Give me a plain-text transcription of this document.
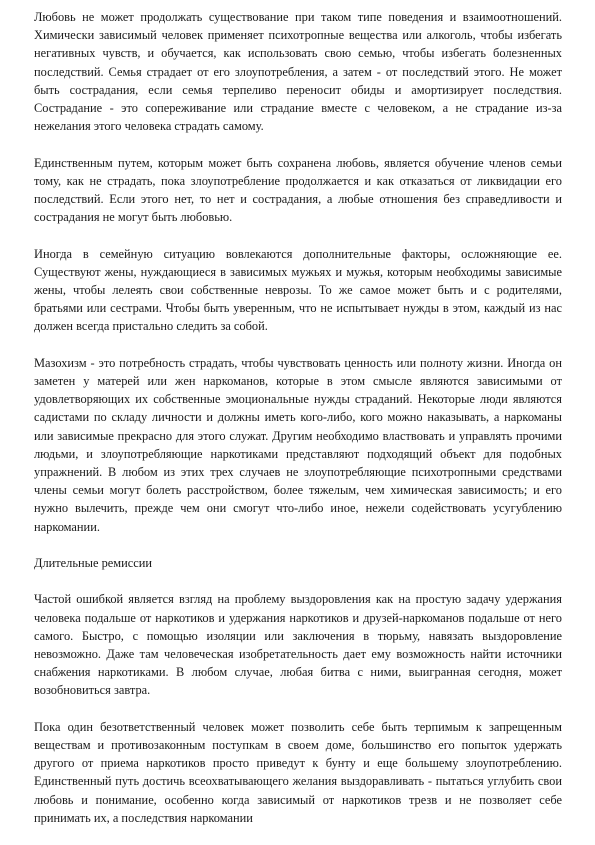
Любовь не может продолжать существование при таком типе поведения и взаимоотношений. Химически зависимый человек применяет психотропные вещества или алкоголь, чтобы избегать негативных чувств, и обучается, как использовать свою семью, чтобы избегать болезненных последствий. Семья страдает от его злоупотребления, а затем - от последствий этого. Не может быть сострадания, если семья терпеливо переносит обиды и амортизирует последствия. Сострадание - это сопереживание или страдание вместе с человеком, а не страдание из-за нежелания этого человека страдать самому.

Единственным путем, которым может быть сохранена любовь, является обучение членов семьи тому, как не страдать, пока злоупотребление продолжается и как отказаться от ликвидации его последствий. Если этого нет, то нет и сострадания, а любые отношения без справедливости и сострадания не могут быть любовью.

Иногда в семейную ситуацию вовлекаются дополнительные факторы, осложняющие ее. Существуют жены, нуждающиеся в зависимых мужьях и мужья, которым необходимы зависимые жены, чтобы лелеять свои собственные неврозы. То же самое может быть и с родителями, братьями или сестрами. Чтобы быть уверенным, что не испытывает нужды в этом, каждый из нас должен всегда пристально следить за собой.

Мазохизм - это потребность страдать, чтобы чувствовать ценность или полноту жизни. Иногда он заметен у матерей или жен наркоманов, которые в этом смысле являются зависимыми от удовлетворяющих их собственные эмоциональные нужды страданий. Некоторые люди являются садистами по складу личности и должны иметь кого-либо, кого можно наказывать, а наркоманы или зависимые прекрасно для этого служат. Другим необходимо властвовать и управлять прочими людьми, и злоупотребляющие наркотиками представляют подходящий объект для подобных упражнений. В любом из этих трех случаев не злоупотребляющие психотропными средствами члены семьи могут болеть расстройством, более тяжелым, чем химическая зависимость; и его нужно вылечить, прежде чем они смогут что-либо иное, нежели содействовать усугублению наркомании.

Длительные ремиссии

Частой ошибкой является взгляд на проблему выздоровления как на простую задачу удержания человека подальше от наркотиков и удержания наркотиков и друзей-наркоманов подальше от него самого. Быстро, с помощью изоляции или заключения в тюрьму, навязать выздоровление невозможно. Даже там человеческая изобретательность дает ему возможность найти источники снабжения наркотиками. В любом случае, любая битва с ними, выигранная сегодня, может возобновиться завтра.

Пока один безответственный человек может позволить себе быть терпимым к запрещенным веществам и противозаконным поступкам в своем доме, большинство его попыток удержать другого от приема наркотиков просто приведут к бунту и еще большему злоупотреблению. Единственный путь достичь всеохватывающего желания выздоравливать - пытаться углубить свои любовь и понимание, особенно когда зависимый от наркотиков трезв и не позволяет себе принимать их, а последствия наркомании
